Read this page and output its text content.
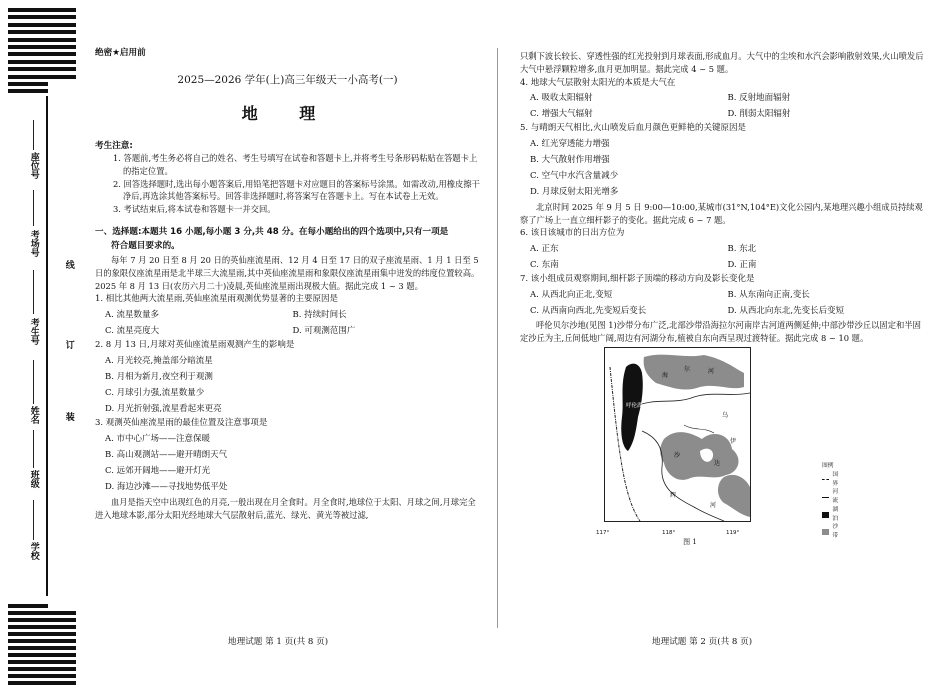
座位号
考场号
考生号
姓名
班级
学校
线
订
装
绝密★启用前
2025—2026 学年(上)高三年级天一小高考(一)
地 理
考生注意:

1. 答题前,考生务必将自己的姓名、考生号填写在试卷和答题卡上,并将考生号条形码粘贴在答题卡上的指定位置。

2. 回答选择题时,选出每小题答案后,用铅笔把答题卡对应题目的答案标号涂黑。如需改动,用橡皮擦干净后,再选涂其他答案标号。回答非选择题时,将答案写在答题卡上。写在本试卷上无效。

3. 考试结束后,将本试卷和答题卡一并交回。

一、选择题:本题共 16 小题,每小题 3 分,共 48 分。在每小题给出的四个选项中,只有一项是
符合题目要求的。
每年 7 月 20 日至 8 月 20 日的英仙座流星雨、12 月 4 日至 17 日的双子座流星雨、1 月 1 日至 5 日的象限仪座流星雨是北半球三大流星雨,其中英仙座流星雨和象限仪座流星雨集中迸发的纬度位置较高。2025 年 8 月 13 日(农历六月二十)凌晨,英仙座流星雨出现极大值。据此完成 1 ~ 3 题。
1. 相比其他两大流星雨,英仙座流星雨观测优势显著的主要原因是
A. 流星数量多	B. 持续时间长
C. 流星亮度大	D. 可观测范围广
2. 8 月 13 日,月球对英仙座流星雨观测产生的影响是
A. 月光较亮,掩盖部分暗流星
B. 月相为新月,夜空利于观测
C. 月球引力强,流星数量少
D. 月光折射强,流星看起来更亮
3. 观测英仙座流星雨的最佳位置及注意事项是
A. 市中心广场——注意保暖
B. 高山观测站——避开晴朗天气
C. 远郊开阔地——避开灯光
D. 海边沙滩——寻找地势低平处
血月是指天空中出现红色的月亮,一般出现在月全食时。月全食时,地球位于太阳、月球之间,月球完全进入地球本影,部分太阳光经地球大气层散射后,蓝光、绿光、黄光等被过滤,
只剩下波长较长、穿透性强的红光投射到月球表面,形成血月。大气中的尘埃和水汽会影响散射效果,火山喷发后大气中悬浮颗粒增多,血月更加明显。据此完成 4 ~ 5 题。
4. 地球大气层散射太阳光的本质是大气在
A. 吸收太阳辐射	B. 反射地面辐射
C. 增强大气辐射	D. 削弱太阳辐射
5. 与晴朗天气相比,火山喷发后血月颜色更鲜艳的关键原因是
A. 红光穿透能力增强
B. 大气散射作用增强
C. 空气中水汽含量减少
D. 月球反射太阳光增多
北京时间 2025 年 9 月 5 日 9:00—10:00,某城市(31°N,104°E)文化公园内,某地理兴趣小组成员持续观察了广场上一直立细杆影子的变化。据此完成 6 ~ 7 题。
6. 该日该城市的日出方位为
A. 正东	B. 东北
C. 东南	D. 正南
7. 该小组成员观察期间,细杆影子顶端的移动方向及影长变化是
A. 从西北向正北,变短	B. 从东南向正南,变长
C. 从西南向西北,先变短后变长	D. 从西北向东北,先变长后变短
呼伦贝尔沙地(见图 1)沙带分布广泛,北部沙带沿海拉尔河南岸古河道两侧延伸;中部沙带沙丘以固定和半固定沙丘为主,丘间低地广阔,周边有河湖分布,植被自东向西呈现过渡特征。据此完成 8 ~ 10 题。
呼伦湖
海
尔	河
乌
伊
辉
河
沙
达	图例
国界
河流
湖泊
沙带
117°	118°	119°
图 1
地理试题 第 1 页(共 8 页)	地理试题 第 2 页(共 8 页)
